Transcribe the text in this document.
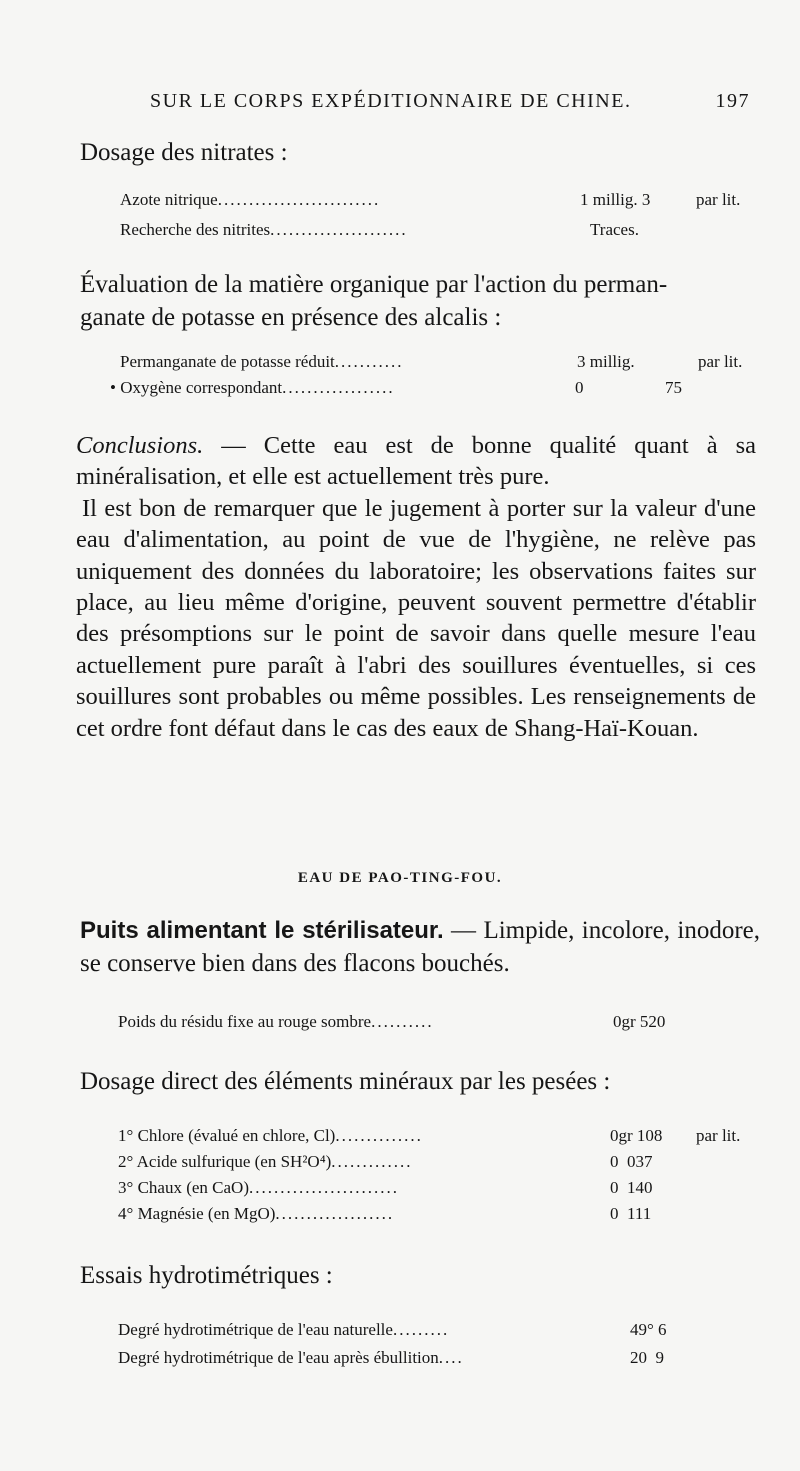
SUR LE CORPS EXPÉDITIONNAIRE DE CHINE.	197
Dosage des nitrates :
Azote nitrique..........................	1 millig. 3	par lit.
Recherche des nitrites......................	Traces.
Évaluation de la matière organique par l'action du perman-
ganate de potasse en présence des alcalis :
Permanganate de potasse réduit...........	3 millig.	par lit.
• Oxygène correspondant..................	0	75

Conclusions. — Cette eau est de bonne qualité quant à sa minéralisation, et elle est actuellement très pure.

Il est bon de remarquer que le jugement à porter sur la valeur d'une eau d'alimentation, au point de vue de l'hygiène, ne relève pas uniquement des données du laboratoire; les observations faites sur place, au lieu même d'origine, peuvent souvent permettre d'établir des présomptions sur le point de savoir dans quelle mesure l'eau actuellement pure paraît à l'abri des souillures éventuelles, si ces souillures sont probables ou même possibles. Les renseignements de cet ordre font défaut dans le cas des eaux de Shang-Haï-Kouan.

EAU DE PAO-TING-FOU.
Puits alimentant le stérilisateur. — Limpide, incolore, inodore, se conserve bien dans des flacons bouchés.
Poids du résidu fixe au rouge sombre..........	0gr 520
Dosage direct des éléments minéraux par les pesées :
1° Chlore (évalué en chlore, Cl)..............	0gr 108 par lit.
2° Acide sulfurique (en SH²O⁴).............	0  037
3° Chaux (en CaO)........................	0  140
4° Magnésie (en MgO)...................	0  111
Essais hydrotimétriques :
Degré hydrotimétrique de l'eau naturelle.........	49° 6
Degré hydrotimétrique de l'eau après ébullition....	20  9
